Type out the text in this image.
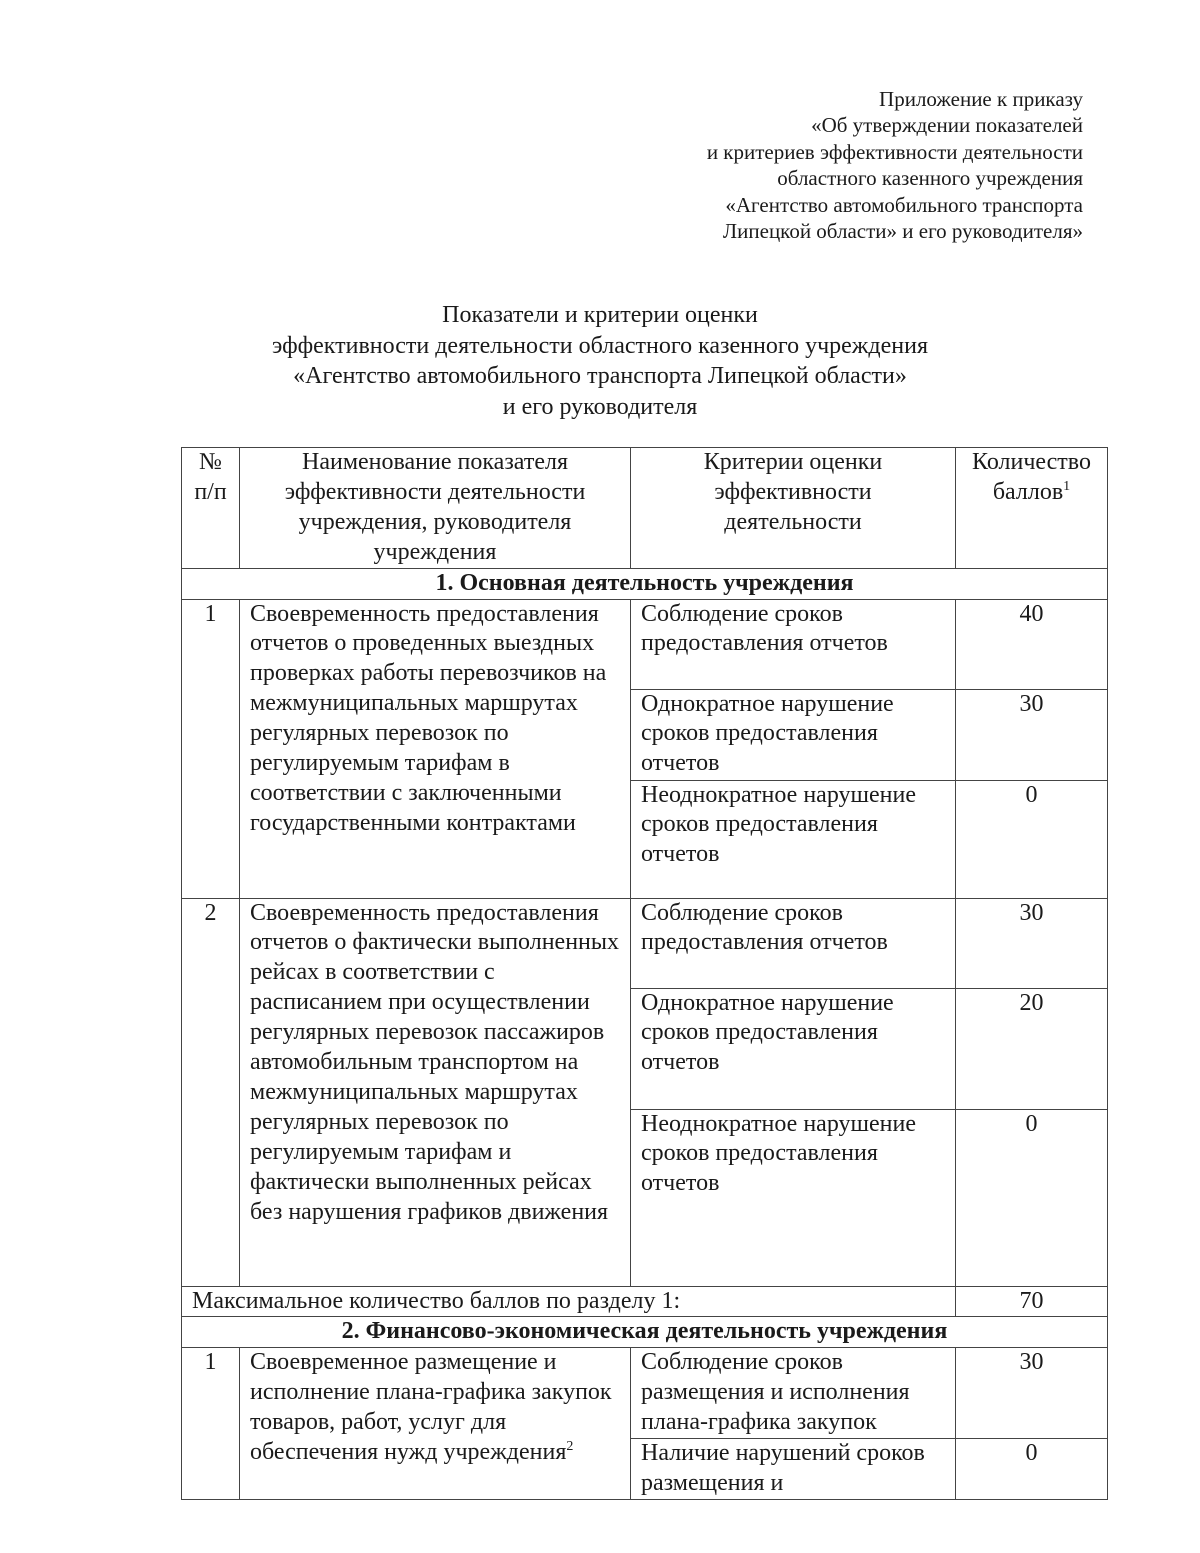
Приложение к приказу
«Об утверждении показателей
и критериев эффективности деятельности
областного казенного учреждения
«Агентство автомобильного транспорта
Липецкой области» и его руководителя»
Показатели и критерии оценки
эффективности деятельности областного казенного учреждения
«Агентство автомобильного транспорта Липецкой области»
и его руководителя
№ п/п	Наименование показателя эффективности деятельности учреждения, руководителя учреждения	Критерии оценки эффективности деятельности	Количество баллов$^1$
1. Основная деятельность учреждения			
1	Своевременность предоставления отчетов о проведенных выездных проверках работы перевозчиков на межмуниципальных маршрутах регулярных перевозок по регулируемым тарифам в соответствии с заключенными государственными контрактами	Соблюдение сроков предоставления отчетов	40
		Однократное нарушение сроков предоставления отчетов	30
		Неоднократное нарушение сроков предоставления отчетов	0
2	Своевременность предоставления отчетов о фактически выполненных рейсах в соответствии с расписанием при осуществлении регулярных перевозок пассажиров автомобильным транспортом на межмуниципальных маршрутах регулярных перевозок по регулируемым тарифам и фактически выполненных рейсах без нарушения графиков движения	Соблюдение сроков предоставления отчетов	30
		Однократное нарушение сроков предоставления отчетов	20
		Неоднократное нарушение сроков предоставления отчетов	0
Максимальное количество баллов по разделу 1:			70
2. Финансово-экономическая деятельность учреждения			
1	Своевременное размещение и исполнение плана-графика закупок товаров, работ, услуг для обеспечения нужд учреждения$^2$	Соблюдение сроков размещения и исполнения плана-графика закупок	30
		Наличие нарушений сроков размещения и	0
